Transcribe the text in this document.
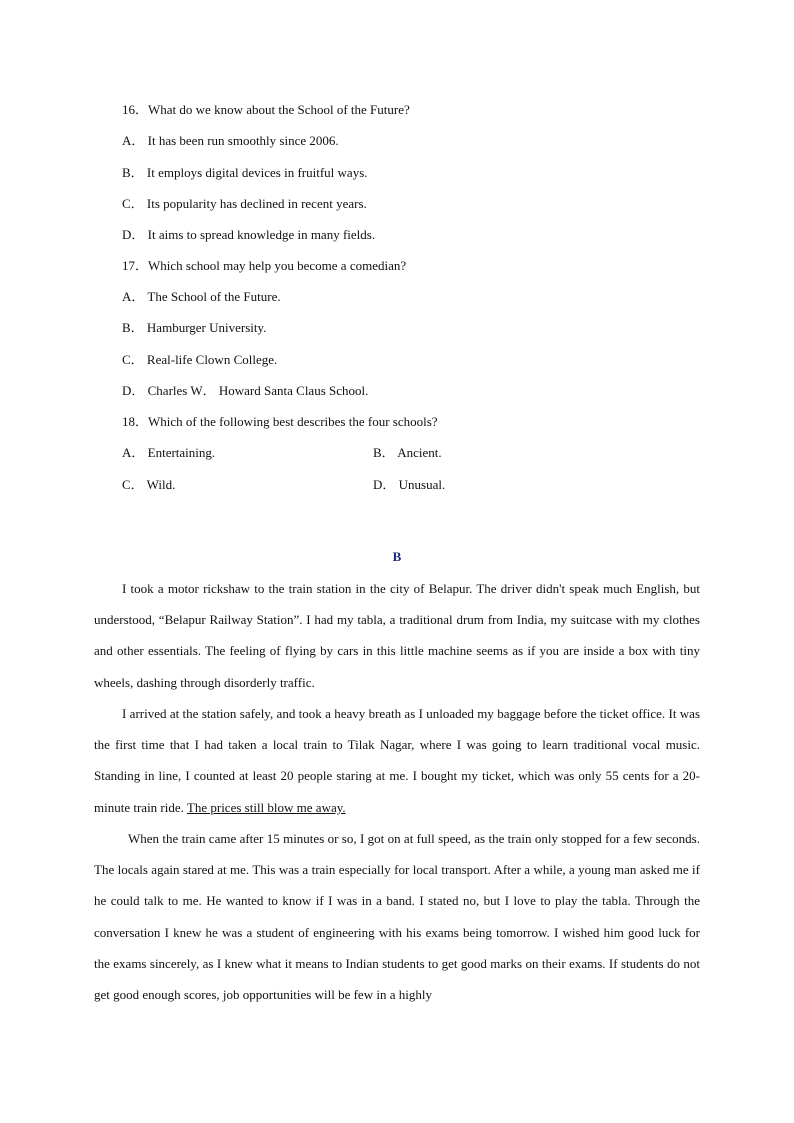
16．What do we know about the School of the Future?
A． It has been run smoothly since 2006.
B． It employs digital devices in fruitful ways.
C． Its popularity has declined in recent years.
D． It aims to spread knowledge in many fields.
17．Which school may help you become a comedian?
A． The School of the Future.
B． Hamburger University.
C． Real-life Clown College.
D． Charles W． Howard Santa Claus School.
18．Which of the following best describes the four schools?
A． Entertaining.	B． Ancient.
C． Wild.	D． Unusual.
B
I took a motor rickshaw to the train station in the city of Belapur. The driver didn't speak much English, but understood, “Belapur Railway Station”. I had my tabla, a traditional drum from India, my suitcase with my clothes and other essentials. The feeling of flying by cars in this little machine seems as if you are inside a box with tiny wheels, dashing through disorderly traffic.
I arrived at the station safely, and took a heavy breath as I unloaded my baggage before the ticket office. It was the first time that I had taken a local train to Tilak Nagar, where I was going to learn traditional vocal music. Standing in line, I counted at least 20 people staring at me. I bought my ticket, which was only 55 cents for a 20-minute train ride. The prices still blow me away.
When the train came after 15 minutes or so, I got on at full speed, as the train only stopped for a few seconds. The locals again stared at me. This was a train especially for local transport. After a while, a young man asked me if he could talk to me. He wanted to know if I was in a band. I stated no, but I love to play the tabla. Through the conversation I knew he was a student of engineering with his exams being tomorrow. I wished him good luck for the exams sincerely, as I knew what it means to Indian students to get good marks on their exams. If students do not get good enough scores, job opportunities will be few in a highly
